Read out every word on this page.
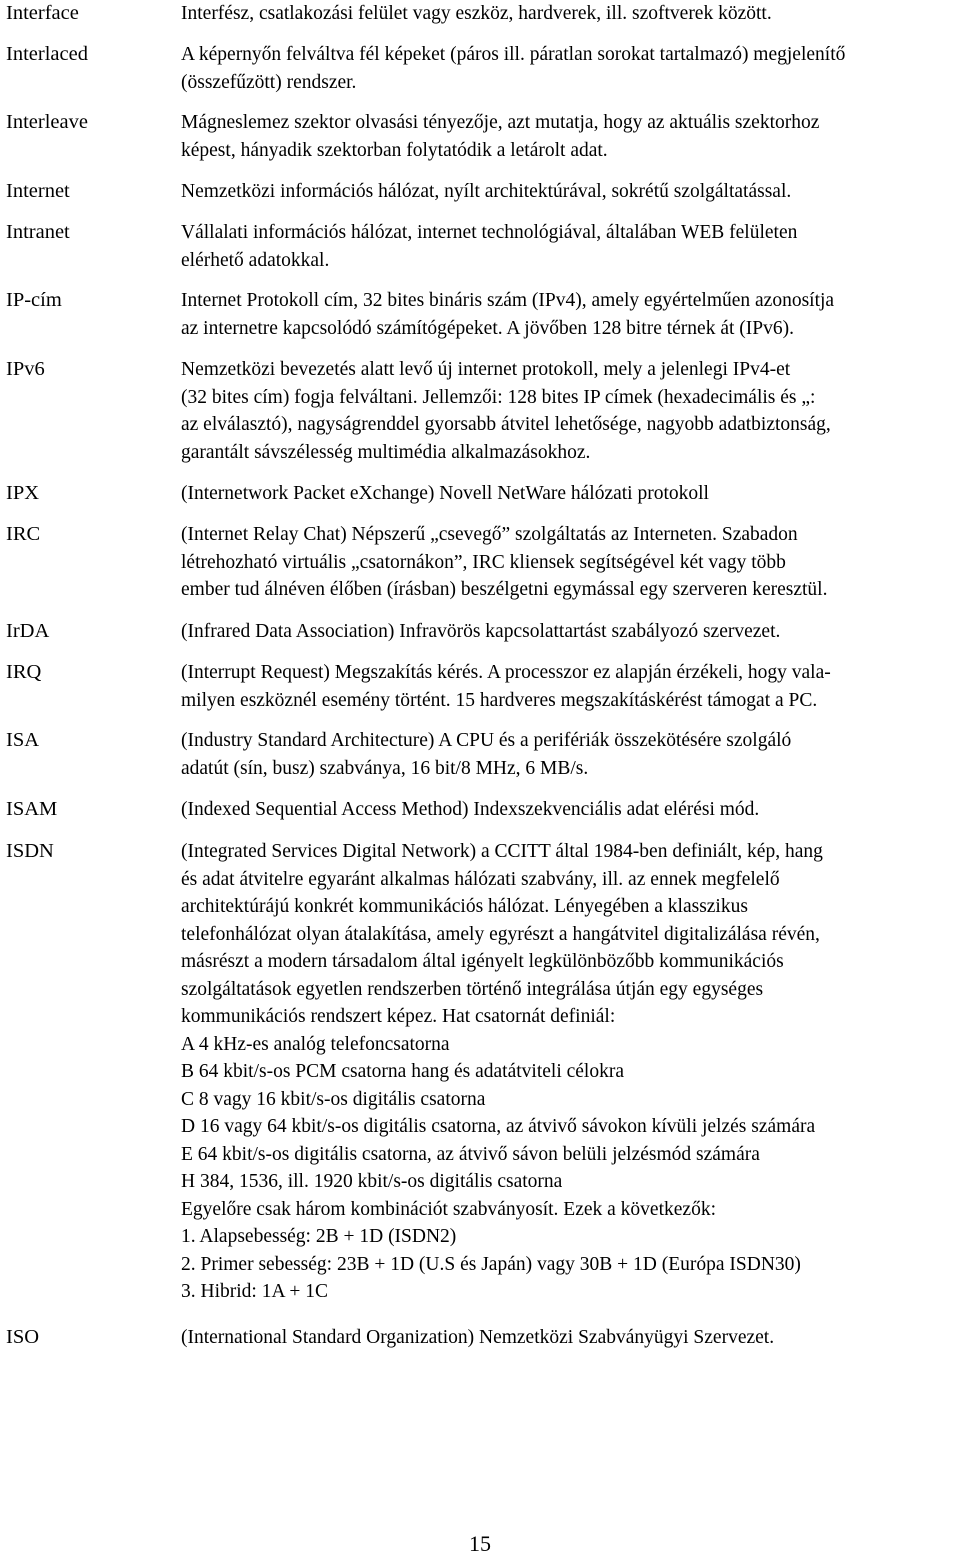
Interface	Interfész, csatlakozási felület vagy eszköz, hardverek, ill. szoftverek között.
Interlaced	A képernyőn felváltva fél képeket (páros ill. páratlan sorokat tartalmazó) megjelenítő
(összefűzött) rendszer.
Interleave	Mágneslemez szektor olvasási tényezője, azt mutatja, hogy az aktuális szektorhoz
képest, hányadik szektorban folytatódik a letárolt adat.
Internet	Nemzetközi információs hálózat, nyílt architektúrával, sokrétű szolgáltatással.
Intranet	Vállalati információs hálózat, internet technológiával, általában WEB felületen
elérhető adatokkal.
IP-cím	Internet Protokoll cím, 32 bites bináris szám (IPv4), amely egyértelműen azonosítja
az internetre kapcsolódó számítógépeket. A jövőben 128 bitre térnek át (IPv6).
IPv6	Nemzetközi bevezetés alatt levő új internet protokoll, mely a jelenlegi IPv4-et
(32 bites cím) fogja felváltani. Jellemzői: 128 bites IP címek (hexadecimális és „:
az elválasztó), nagyságrenddel gyorsabb átvitel lehetősége, nagyobb adatbiztonság,
garantált sávszélesség multimédia alkalmazásokhoz.
IPX	(Internetwork Packet eXchange) Novell NetWare hálózati protokoll
IRC	(Internet Relay Chat) Népszerű „csevegő” szolgáltatás az Interneten. Szabadon
létrehozható virtuális „csatornákon”, IRC kliensek segítségével két vagy több
ember tud álnéven élőben (írásban) beszélgetni egymással egy szerveren keresztül.
IrDA	(Infrared Data Association) Infravörös kapcsolattartást szabályozó szervezet.
IRQ	(Interrupt Request) Megszakítás kérés. A processzor ez alapján érzékeli, hogy vala-
milyen eszköznél esemény történt. 15 hardveres megszakításkérést támogat a PC.
ISA	(Industry Standard Architecture) A CPU és a perifériák összekötésére szolgáló
adatút (sín, busz) szabványa, 16 bit/8 MHz, 6 MB/s.
ISAM	(Indexed Sequential Access Method) Indexszekvenciális adat elérési mód.
ISDN	(Integrated Services Digital Network) a CCITT által 1984-ben definiált, kép, hang
és adat átvitelre egyaránt alkalmas hálózati szabvány, ill. az ennek megfelelő
architektúrájú konkrét kommunikációs hálózat. Lényegében a klasszikus
telefonhálózat olyan átalakítása, amely egyrészt a hangátvitel digitalizálása révén,
másrészt a modern társadalom által igényelt legkülönbözőbb kommunikációs
szolgáltatások egyetlen rendszerben történő integrálása útján egy egységes
kommunikációs rendszert képez. Hat csatornát definiál:
A 4 kHz-es analóg telefoncsatorna
B 64 kbit/s-os PCM csatorna hang és adatátviteli célokra
C 8 vagy 16 kbit/s-os digitális csatorna
D 16 vagy 64 kbit/s-os digitális csatorna, az átvivő sávokon kívüli jelzés számára
E 64 kbit/s-os digitális csatorna, az átvivő sávon belüli jelzésmód számára
H 384, 1536, ill. 1920 kbit/s-os digitális csatorna
Egyelőre csak három kombinációt szabványosít. Ezek a következők:
1. Alapsebesség: 2B + 1D (ISDN2)
2. Primer sebesség: 23B + 1D (U.S és Japán) vagy 30B + 1D (Európa ISDN30)
3. Hibrid: 1A + 1C
ISO	(International Standard Organization) Nemzetközi Szabványügyi Szervezet.
15
